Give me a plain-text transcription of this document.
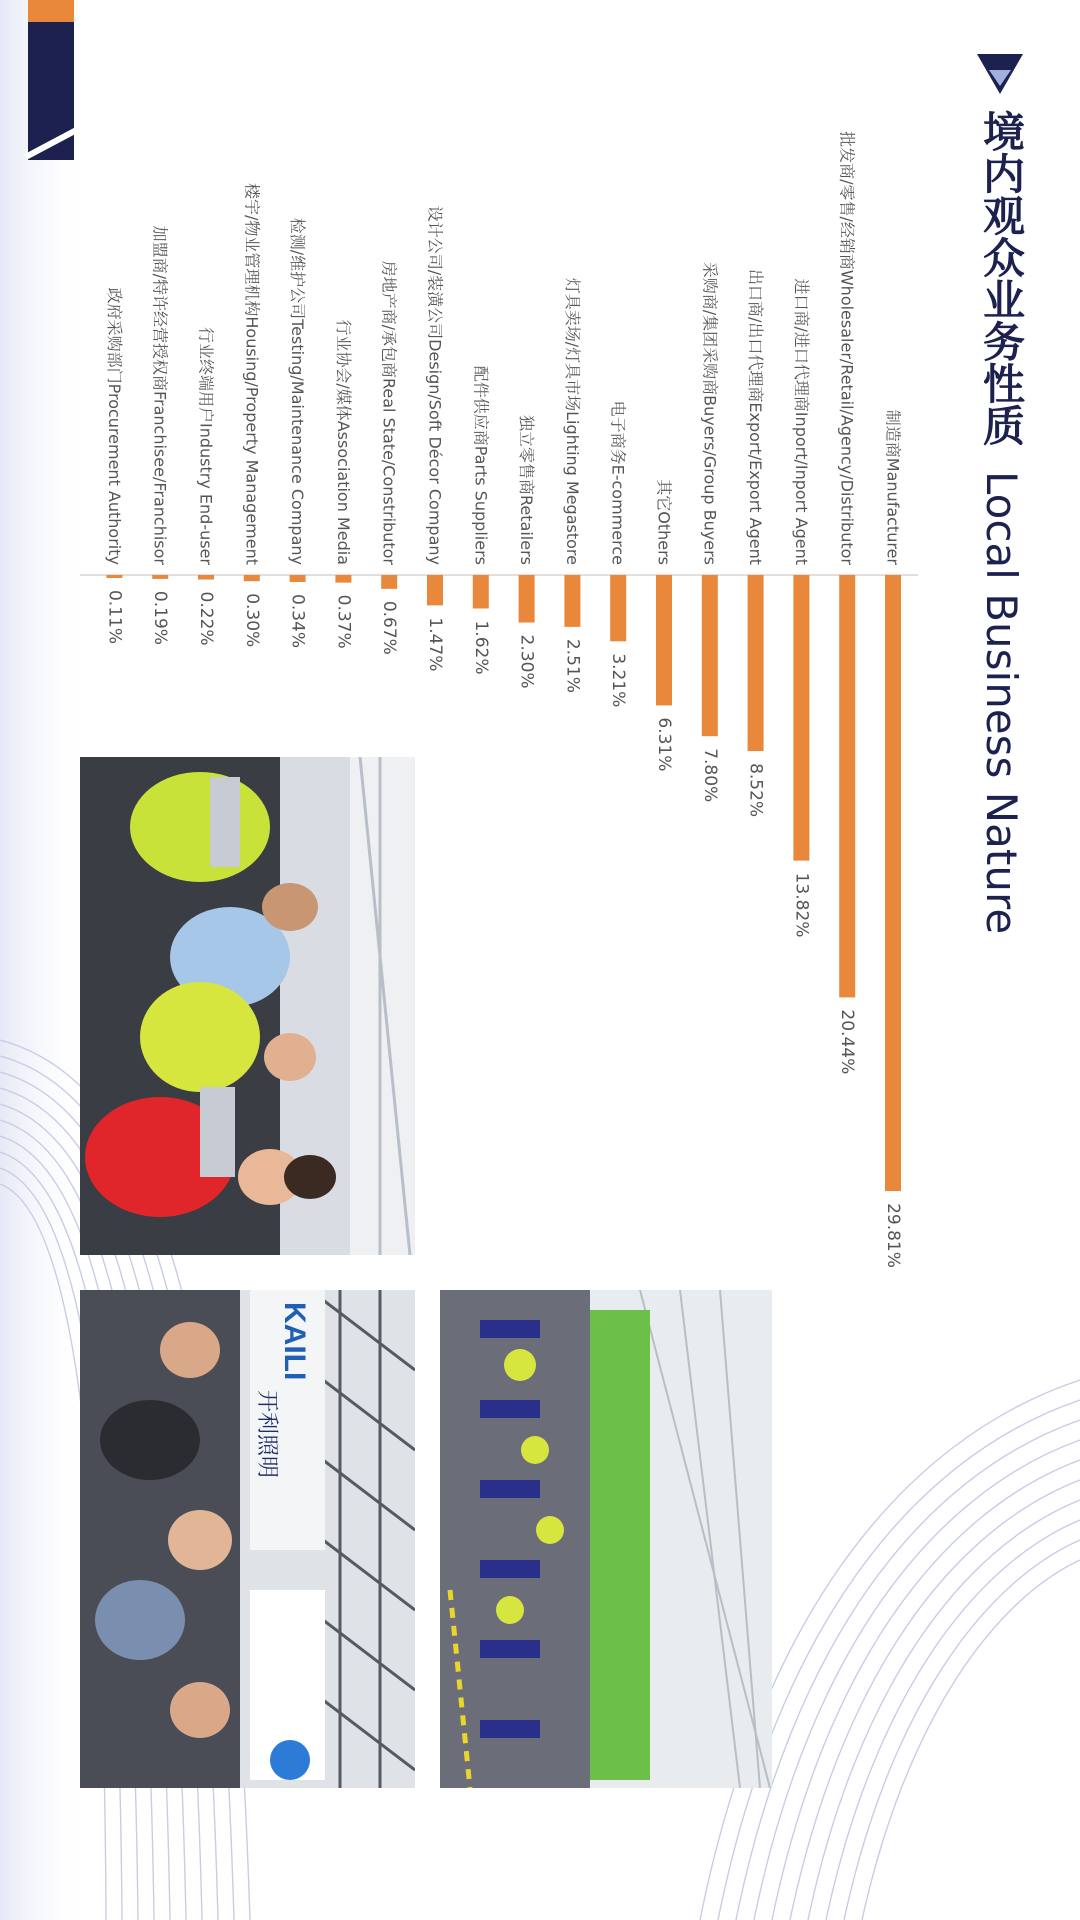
境内观众业务性质 Local Business Nature
制造商Manufacturer
29.81%
批发商/零售/经销商Wholesaler/Retail/Agency/Distributor
20.44%
进口商/进口代理商Inport/Inport Agent
13.82%
出口商/出口代理商Export/Export Agent
8.52%
采购商/集团采购商Buyers/Group Buyers
7.80%
其它Others
6.31%
电子商务E-commerce
3.21%
灯具卖场/灯具市场Lighting Megastore
2.51%
独立零售商Retailers
2.30%
配件供应商Parts Suppliers
1.62%
设计公司/装潢公司Design/Soft Décor Company
1.47%
房地产商/承包商Real State/Constributor
0.67%
行业协会/媒体Association Media
0.37%
检测/维护公司Testing/Maintenance Company
0.34%
楼宇/物业管理机构Housing/Property Management
0.30%
行业终端用户Industry End-user
0.22%
加盟商/特许经营授权商Franchisee/Franchisor
0.19%
政府采购部门Procurement Authority
0.11%
KAILI
开利照明
